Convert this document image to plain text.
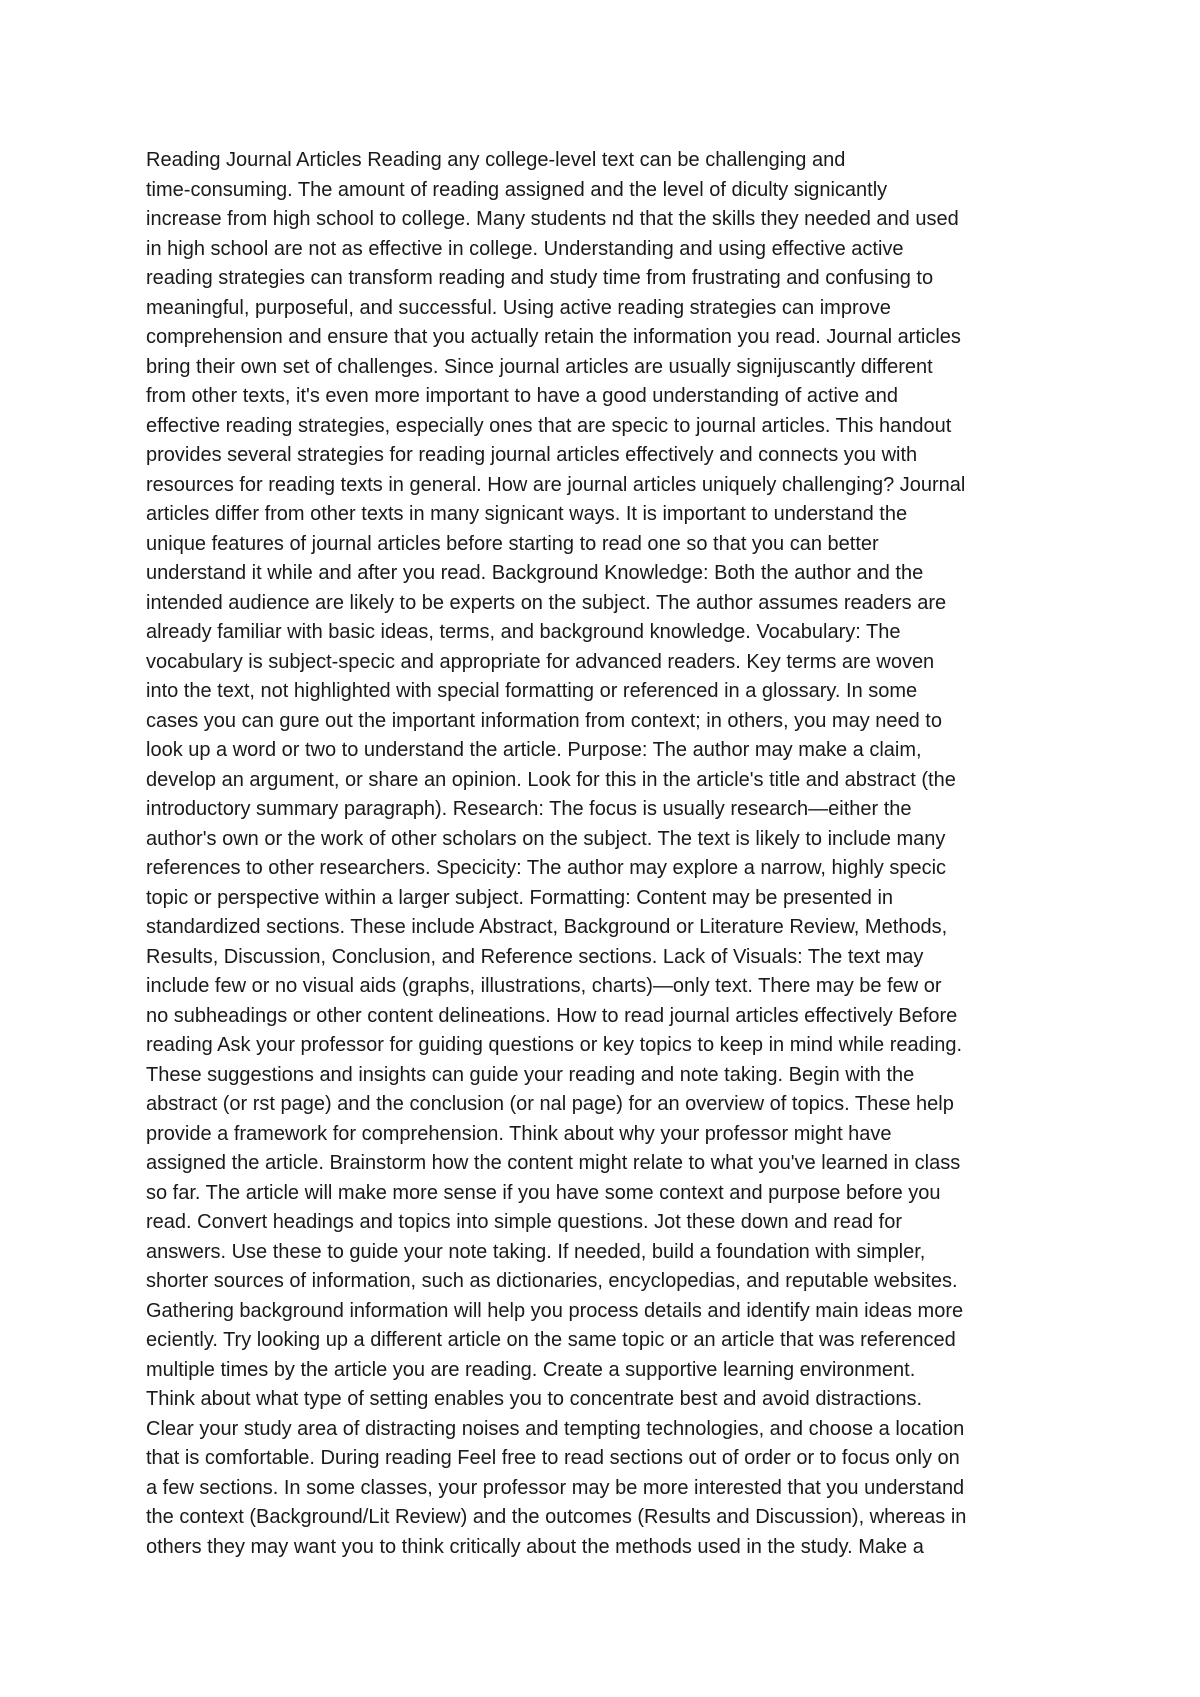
Reading Journal Articles Reading any college-level text can be challenging and
time-consuming. The amount of reading assigned and the level of diculty signicantly
increase from high school to college. Many students nd that the skills they needed and used
in high school are not as effective in college. Understanding and using effective active
reading strategies can transform reading and study time from frustrating and confusing to
meaningful, purposeful, and successful. Using active reading strategies can improve
comprehension and ensure that you actually retain the information you read. Journal articles
bring their own set of challenges. Since journal articles are usually signijuscantly different
from other texts, it's even more important to have a good understanding of active and
effective reading strategies, especially ones that are specic to journal articles. This handout
provides several strategies for reading journal articles effectively and connects you with
resources for reading texts in general. How are journal articles uniquely challenging? Journal
articles differ from other texts in many signicant ways. It is important to understand the
unique features of journal articles before starting to read one so that you can better
understand it while and after you read. Background Knowledge: Both the author and the
intended audience are likely to be experts on the subject. The author assumes readers are
already familiar with basic ideas, terms, and background knowledge. Vocabulary: The
vocabulary is subject-specic and appropriate for advanced readers. Key terms are woven
into the text, not highlighted with special formatting or referenced in a glossary. In some
cases you can gure out the important information from context; in others, you may need to
look up a word or two to understand the article. Purpose: The author may make a claim,
develop an argument, or share an opinion. Look for this in the article's title and abstract (the
introductory summary paragraph). Research: The focus is usually research—either the
author's own or the work of other scholars on the subject. The text is likely to include many
references to other researchers. Specicity: The author may explore a narrow, highly specic
topic or perspective within a larger subject. Formatting: Content may be presented in
standardized sections. These include Abstract, Background or Literature Review, Methods,
Results, Discussion, Conclusion, and Reference sections. Lack of Visuals: The text may
include few or no visual aids (graphs, illustrations, charts)—only text. There may be few or
no subheadings or other content delineations. How to read journal articles effectively Before
reading Ask your professor for guiding questions or key topics to keep in mind while reading.
These suggestions and insights can guide your reading and note taking. Begin with the
abstract (or rst page) and the conclusion (or nal page) for an overview of topics. These help
provide a framework for comprehension. Think about why your professor might have
assigned the article. Brainstorm how the content might relate to what you've learned in class
so far. The article will make more sense if you have some context and purpose before you
read. Convert headings and topics into simple questions. Jot these down and read for
answers. Use these to guide your note taking. If needed, build a foundation with simpler,
shorter sources of information, such as dictionaries, encyclopedias, and reputable websites.
Gathering background information will help you process details and identify main ideas more
eciently. Try looking up a different article on the same topic or an article that was referenced
multiple times by the article you are reading. Create a supportive learning environment.
Think about what type of setting enables you to concentrate best and avoid distractions.
Clear your study area of distracting noises and tempting technologies, and choose a location
that is comfortable. During reading Feel free to read sections out of order or to focus only on
a few sections. In some classes, your professor may be more interested that you understand
the context (Background/Lit Review) and the outcomes (Results and Discussion), whereas in
others they may want you to think critically about the methods used in the study. Make a
